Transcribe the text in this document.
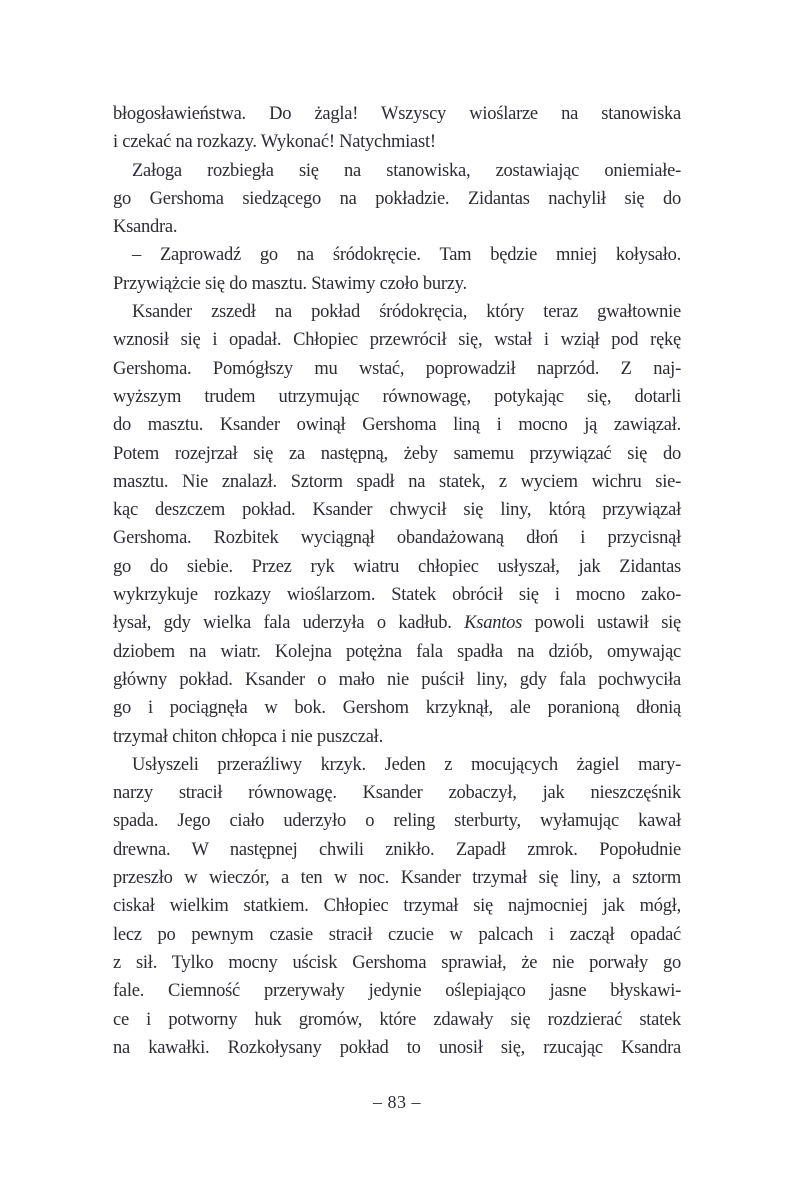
błogosławieństwa. Do żagla! Wszyscy wioślarze na stanowiska
i czekać na rozkazy. Wykonać! Natychmiast!
Załoga rozbiegła się na stanowiska, zostawiając oniemiałe-
go Gershoma siedzącego na pokładzie. Zidantas nachylił się do
Ksandra.
– Zaprowadź go na śródokręcie. Tam będzie mniej kołysało.
Przywiążcie się do masztu. Stawimy czoło burzy.
Ksander zszedł na pokład śródokręcia, który teraz gwałtownie
wznosił się i opadał. Chłopiec przewrócił się, wstał i wziął pod rękę
Gershoma. Pomógłszy mu wstać, poprowadził naprzód. Z naj-
wyższym trudem utrzymując równowagę, potykając się, dotarli
do masztu. Ksander owinął Gershoma liną i mocno ją zawiązał.
Potem rozejrzał się za następną, żeby samemu przywiązać się do
masztu. Nie znalazł. Sztorm spadł na statek, z wyciem wichru sie-
kąc deszczem pokład. Ksander chwycił się liny, którą przywiązał
Gershoma. Rozbitek wyciągnął obandażowaną dłoń i przycisnął
go do siebie. Przez ryk wiatru chłopiec usłyszał, jak Zidantas
wykrzykuje rozkazy wioślarzom. Statek obrócił się i mocno zako-
łysał, gdy wielka fala uderzyła o kadłub. Ksantos powoli ustawił się
dziobem na wiatr. Kolejna potężna fala spadła na dziób, omywając
główny pokład. Ksander o mało nie puścił liny, gdy fala pochwyciła
go i pociągnęła w bok. Gershom krzyknął, ale poranioną dłonią
trzymał chiton chłopca i nie puszczał.
Usłyszeli przeraźliwy krzyk. Jeden z mocujących żagiel mary-
narzy stracił równowagę. Ksander zobaczył, jak nieszczęśnik
spada. Jego ciało uderzyło o reling sterburty, wyłamując kawał
drewna. W następnej chwili znikło. Zapadł zmrok. Popołudnie
przeszło w wieczór, a ten w noc. Ksander trzymał się liny, a sztorm
ciskał wielkim statkiem. Chłopiec trzymał się najmocniej jak mógł,
lecz po pewnym czasie stracił czucie w palcach i zaczął opadać
z sił. Tylko mocny uścisk Gershoma sprawiał, że nie porwały go
fale. Ciemność przerywały jedynie oślepiająco jasne błyskawi-
ce i potworny huk gromów, które zdawały się rozdzierać statek
na kawałki. Rozkołysany pokład to unosił się, rzucając Ksandra
– 83 –
